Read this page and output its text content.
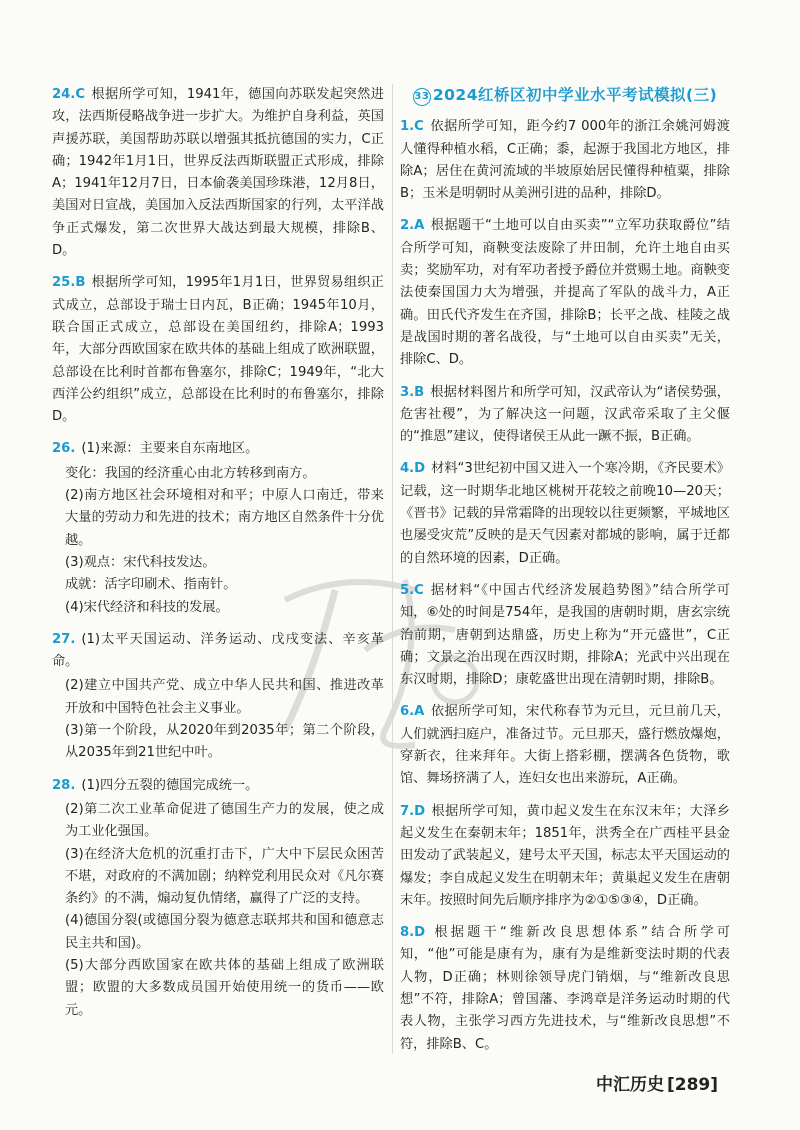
24.C 根据所学可知，1941年，德国向苏联发起突然进攻，法西斯侵略战争进一步扩大。为维护自身利益，英国声援苏联，美国帮助苏联以增强其抵抗德国的实力，C正确；1942年1月1日，世界反法西斯联盟正式形成，排除A；1941年12月7日，日本偷袭美国珍珠港，12月8日，美国对日宣战，美国加入反法西斯国家的行列，太平洋战争正式爆发，第二次世界大战达到最大规模，排除B、D。

25.B 根据所学可知，1995年1月1日，世界贸易组织正式成立，总部设于瑞士日内瓦，B正确；1945年10月，联合国正式成立，总部设在美国纽约，排除A；1993年，大部分西欧国家在欧共体的基础上组成了欧洲联盟，总部设在比利时首都布鲁塞尔，排除C；1949年，“北大西洋公约组织”成立，总部设在比利时的布鲁塞尔，排除D。

26. (1)来源：主要来自东南地区。

变化：我国的经济重心由北方转移到南方。

(2)南方地区社会环境相对和平；中原人口南迁，带来大量的劳动力和先进的技术；南方地区自然条件十分优越。

(3)观点：宋代科技发达。

成就：活字印刷术、指南针。

(4)宋代经济和科技的发展。

27. (1)太平天国运动、洋务运动、戊戌变法、辛亥革命。

(2)建立中国共产党、成立中华人民共和国、推进改革开放和中国特色社会主义事业。

(3)第一个阶段，从2020年到2035年；第二个阶段，从2035年到21世纪中叶。

28. (1)四分五裂的德国完成统一。

(2)第二次工业革命促进了德国生产力的发展，使之成为工业化强国。

(3)在经济大危机的沉重打击下，广大中下层民众困苦不堪，对政府的不满加剧；纳粹党利用民众对《凡尔赛条约》的不满，煽动复仇情绪，赢得了广泛的支持。

(4)德国分裂(或德国分裂为德意志联邦共和国和德意志民主共和国)。

(5)大部分西欧国家在欧共体的基础上组成了欧洲联盟；欧盟的大多数成员国开始使用统一的货币——欧元。

33 2024红桥区初中学业水平考试模拟(三)

1.C 依据所学可知，距今约7 000年的浙江余姚河姆渡人懂得种植水稻，C正确；黍，起源于我国北方地区，排除A；居住在黄河流域的半坡原始居民懂得种植粟，排除B；玉米是明朝时从美洲引进的品种，排除D。

2.A 根据题干“土地可以自由买卖”“立军功获取爵位”结合所学可知，商鞅变法废除了井田制，允许土地自由买卖；奖励军功，对有军功者授予爵位并赏赐土地。商鞅变法使秦国国力大为增强，并提高了军队的战斗力，A正确。田氏代齐发生在齐国，排除B；长平之战、桂陵之战是战国时期的著名战役，与“土地可以自由买卖”无关，排除C、D。

3.B 根据材料图片和所学可知，汉武帝认为“诸侯势强，危害社稷”，为了解决这一问题，汉武帝采取了主父偃的“推恩”建议，使得诸侯王从此一蹶不振，B正确。

4.D 材料“3世纪初中国又进入一个寒冷期，《齐民要术》记载，这一时期华北地区桃树开花较之前晚10—20天；《晋书》记载的异常霜降的出现较以往更频繁，平城地区也屡受灾荒”反映的是天气因素对都城的影响，属于迁都的自然环境的因素，D正确。

5.C 据材料“《中国古代经济发展趋势图》”结合所学可知，⑥处的时间是754年，是我国的唐朝时期，唐玄宗统治前期，唐朝到达鼎盛，历史上称为“开元盛世”，C正确；文景之治出现在西汉时期，排除A；光武中兴出现在东汉时期，排除D；康乾盛世出现在清朝时期，排除B。

6.A 依据所学可知，宋代称春节为元旦，元旦前几天，人们就洒扫庭户，准备过节。元旦那天，盛行燃放爆炮，穿新衣，往来拜年。大街上搭彩棚，摆满各色货物，歌馆、舞场挤满了人，连妇女也出来游玩，A正确。

7.D 根据所学可知，黄巾起义发生在东汉末年；大泽乡起义发生在秦朝末年；1851年，洪秀全在广西桂平县金田发动了武装起义，建号太平天国，标志太平天国运动的爆发；李自成起义发生在明朝末年；黄巢起义发生在唐朝末年。按照时间先后顺序排序为②①⑤③④，D正确。

8.D 根据题干“维新改良思想体系”结合所学可知，“他”可能是康有为，康有为是维新变法时期的代表人物，D正确；林则徐领导虎门销烟，与“维新改良思想”不符，排除A；曾国藩、李鸿章是洋务运动时期的代表人物，主张学习西方先进技术，与“维新改良思想”不符，排除B、C。

中汇历史 [289]
